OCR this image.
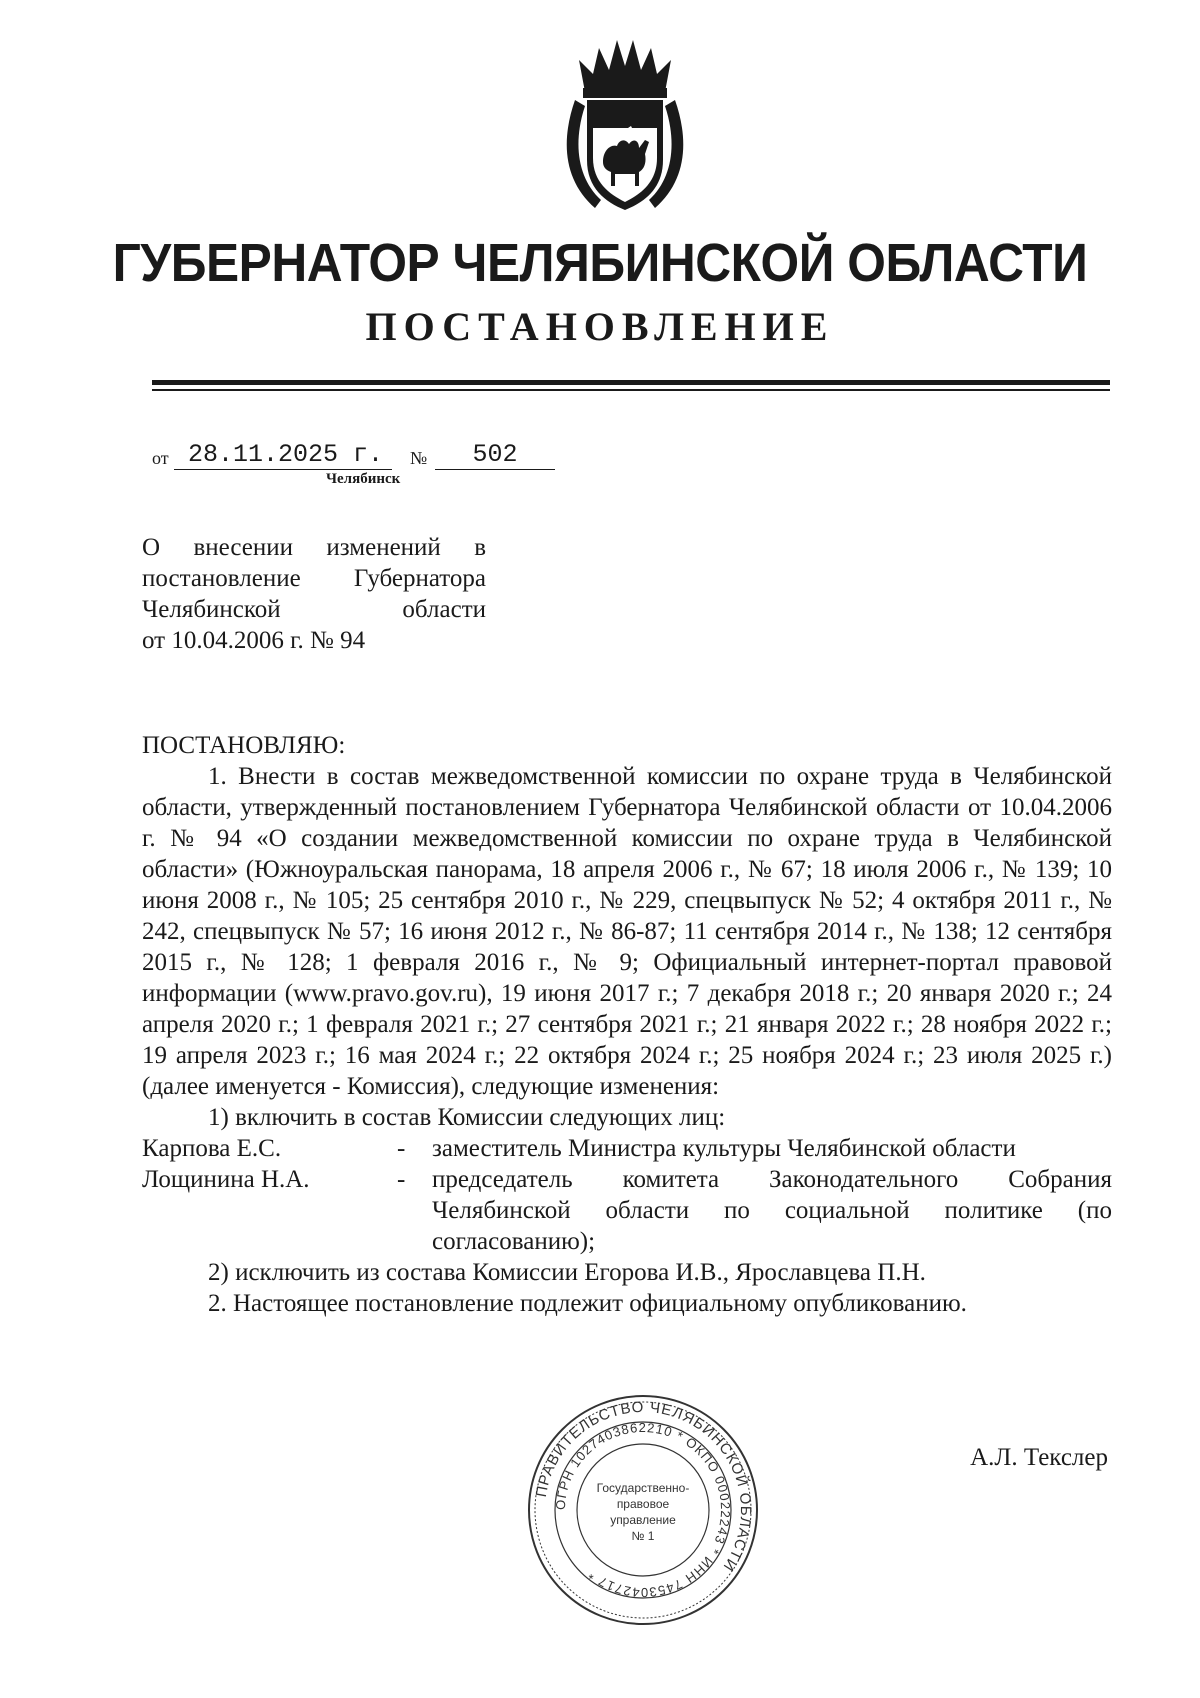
ГУБЕРНАТОР ЧЕЛЯБИНСКОЙ ОБЛАСТИ
ПОСТАНОВЛЕНИЕ
от 28.11.2025 г.	№	502
Челябинск
О внесении изменений в
постановление Губернатора
Челябинской области
от 10.04.2006 г. № 94

ПОСТАНОВЛЯЮ:

1. Внести в состав межведомственной комиссии по охране труда в Челябинской области, утвержденный постановлением Губернатора Челябинской области от 10.04.2006 г. № 94 «О создании межведомственной комиссии по охране труда в Челябинской области» (Южноуральская панорама, 18 апреля 2006 г., № 67; 18 июля 2006 г., № 139; 10 июня 2008 г., № 105; 25 сентября 2010 г., № 229, спецвыпуск № 52; 4 октября 2011 г., № 242, спецвыпуск № 57; 16 июня 2012 г., № 86-87; 11 сентября 2014 г., № 138; 12 сентября 2015 г., № 128; 1 февраля 2016 г., № 9; Официальный интернет-портал правовой информации (www.pravo.gov.ru), 19 июня 2017 г.; 7 декабря 2018 г.; 20 января 2020 г.; 24 апреля 2020 г.; 1 февраля 2021 г.; 27 сентября 2021 г.; 21 января 2022 г.; 28 ноября 2022 г.; 19 апреля 2023 г.; 16 мая 2024 г.; 22 октября 2024 г.; 25 ноября 2024 г.; 23 июля 2025 г.) (далее именуется - Комиссия), следующие изменения:

1) включить в состав Комиссии следующих лиц:

Карпова Е.С.	-	заместитель Министра культуры Челябинской области
Лощинина Н.А.	-	председатель комитета Законодательного Собрания Челябинской области по социальной политике (по согласованию);

2) исключить из состава Комиссии Егорова И.В., Ярославцева П.Н.

2. Настоящее постановление подлежит официальному опубликованию.

ПРАВИТЕЛЬСТВО ЧЕЛЯБИНСКОЙ ОБЛАСТИ
ОГРН 1027403862210 * ОКПО 00022243 * ИНН 7453042717 *
Государственно-
правовое
управление
№ 1
А.Л. Текслер
